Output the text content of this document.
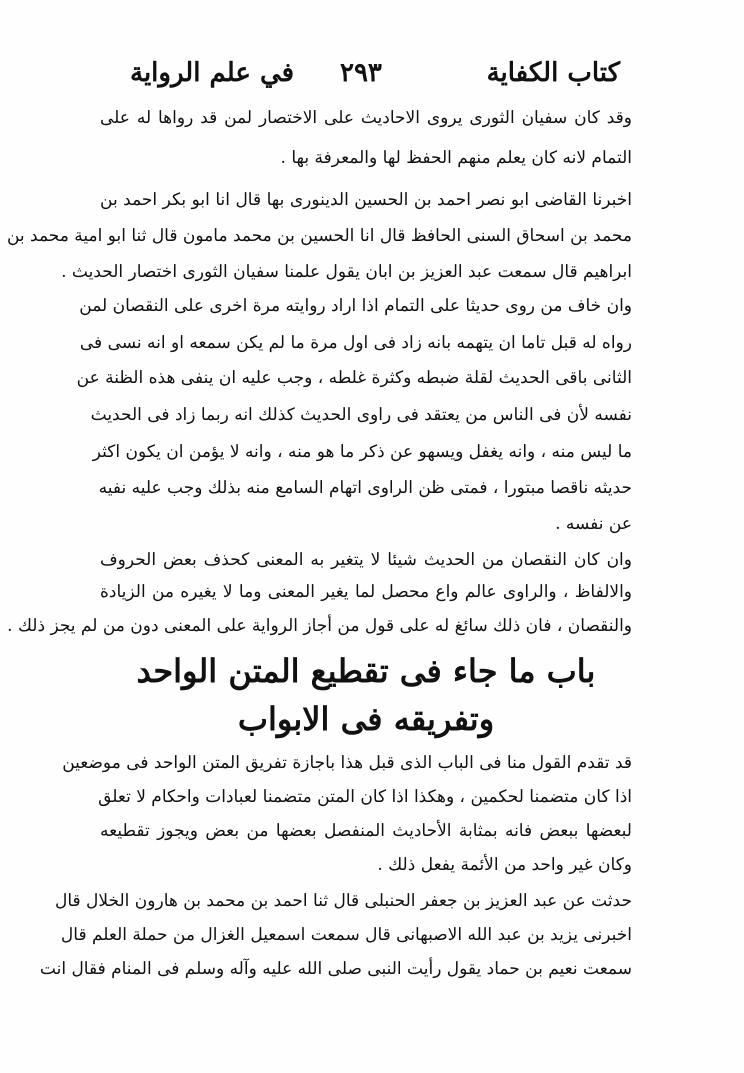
كتاب الكفاية
٢٩٣
في علم الرواية
وقد كان سفيان الثورى يروى الاحاديث على الاختصار لمن قد رواها له على
التمام لانه كان يعلم منهم الحفظ لها والمعرفة بها .
اخبرنا القاضى ابو نصر احمد بن الحسين الدينورى بها قال انا ابو بكر احمد بن
محمد بن اسحاق السنى الحافظ قال انا الحسين بن محمد مامون قال ثنا ابو امية محمد بن
ابراهيم قال سمعت عبد العزيز بن ابان يقول علمنا سفيان الثورى اختصار الحديث .
وان خاف من روى حديثا على التمام اذا اراد روايته مرة اخرى على النقصان لمن
رواه له قبل تاما ان يتهمه بانه زاد فى اول مرة ما لم يكن سمعه او انه نسى فى
الثانى باقى الحديث لقلة ضبطه وكثرة غلطه ، وجب عليه ان ينفى هذه الظنة عن
نفسه لأن فى الناس من يعتقد فى راوى الحديث كذلك انه ربما زاد فى الحديث
ما ليس منه ، وانه يغفل ويسهو عن ذكر ما هو منه ، وانه لا يؤمن ان يكون اكثر
حديثه ناقصا مبتورا ، فمتى ظن الراوى اتهام السامع منه بذلك وجب عليه نفيه
عن نفسه .
وان كان النقصان من الحديث شيئا لا يتغير به المعنى كحذف بعض الحروف
والالفاظ ، والراوى عالم واع محصل لما يغير المعنى وما لا يغيره من الزيادة
والنقصان ، فان ذلك سائغ له على قول من أجاز الرواية على المعنى دون من لم يجز ذلك .
باب ما جاء فى تقطيع المتن الواحد
وتفريقه فى الابواب
قد تقدم القول منا فى الباب الذى قبل هذا باجازة تفريق المتن الواحد فى موضعين
اذا كان متضمنا لحكمين ، وهكذا اذا كان المتن متضمنا لعبادات واحكام لا تعلق
لبعضها ببعض فانه بمثابة الأحاديث المنفصل بعضها من بعض ويجوز تقطيعه
وكان غير واحد من الأئمة يفعل ذلك .
حدثت عن عبد العزيز بن جعفر الحنبلى قال ثنا احمد بن محمد بن هارون الخلال قال
اخبرنى يزيد بن عبد الله الاصبهانى قال سمعت اسمعيل الغزال من حملة العلم قال
سمعت نعيم بن حماد يقول رأيت النبى صلى الله عليه وآله وسلم فى المنام فقال انت
